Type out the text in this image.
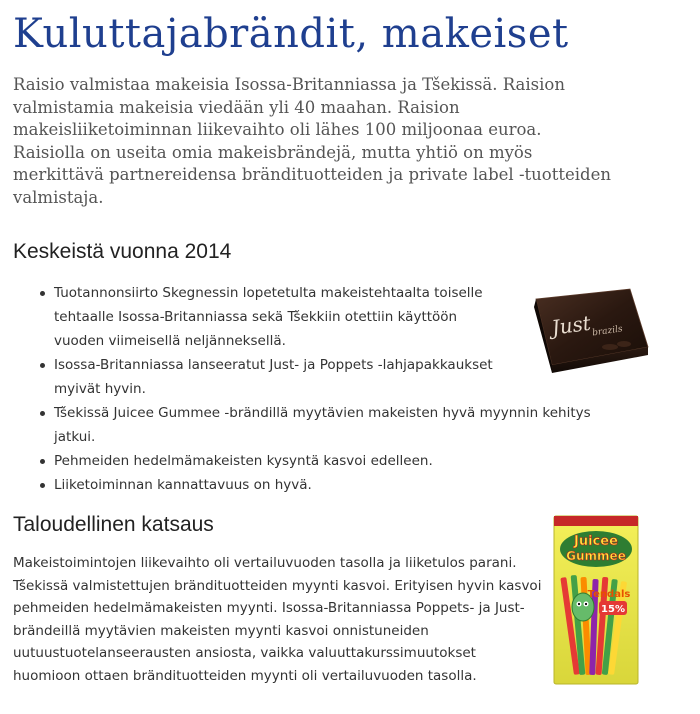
Kuluttajabrändit, makeiset

Raisio valmistaa makeisia Isossa-Britanniassa ja Tšekissä. Raision valmistamia makeisia viedään yli 40 maahan. Raision makeisliiketoiminnan liikevaihto oli lähes 100 miljoonaa euroa. Raisiolla on useita omia makeisbrändejä, mutta yhtiö on myös merkittävä partnereidensa brändituotteiden ja private label -tuotteiden valmistaja.

Keskeistä vuonna 2014
Tuotannonsiirto Skegnessin lopetetulta makeistehtaalta toiselle tehtaalle Isossa-Britanniassa sekä Tšekkiin otettiin käyttöön vuoden viimeisellä neljänneksellä.
Isossa-Britanniassa lanseeratut Just- ja Poppets -lahjapakkaukset myivät hyvin.
Tšekissä Juicee Gummee -brändillä myytävien makeisten hyvä myynnin kehitys jatkui.
Pehmeiden hedelmämakeisten kysyntä kasvoi edelleen.
Liiketoiminnan kannattavuus on hyvä.
Just brazils
Taloudellinen katsaus

Makeistoimintojen liikevaihto oli vertailuvuoden tasolla ja liiketulos parani. Tšekissä valmistettujen brändituotteiden myynti kasvoi. Erityisen hyvin kasvoi pehmeiden hedelmämakeisten myynti. Isossa-Britanniassa Poppets- ja Just-brändeillä myytävien makeisten myynti kasvoi onnistuneiden uutuustuotelanseerausten ansiosta, vaikka valuuttakurssimuutokset huomioon ottaen brändituotteiden myynti oli vertailuvuoden tasolla.

Juicee
Gummee
Tendals
15%
